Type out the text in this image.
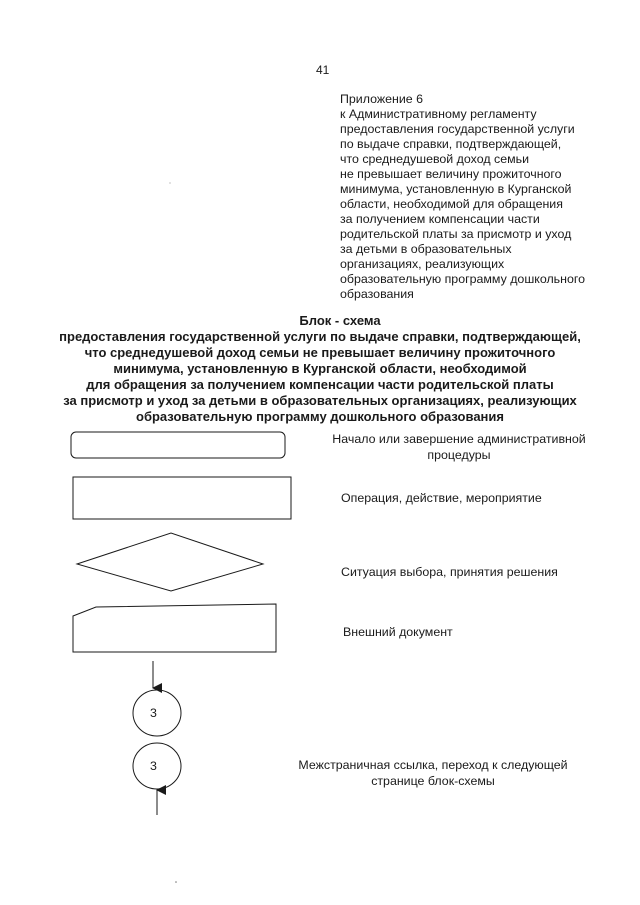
41
Приложение 6
к Административному регламенту
предоставления государственной услуги
по выдаче справки, подтверждающей,
что среднедушевой доход семьи
не превышает величину прожиточного
минимума, установленную в Курганской
области, необходимой для обращения
за получением компенсации части
родительской платы за присмотр и уход
за детьми в образовательных
организациях, реализующих
образовательную программу дошкольного
образования
Блок - схема
предоставления государственной услуги по выдаче справки, подтверждающей,
что среднедушевой доход семьи не превышает величину прожиточного
минимума, установленную в Курганской области, необходимой
для обращения за получением компенсации части родительской платы
за присмотр и уход за детьми в образовательных организациях, реализующих
образовательную программу дошкольного образования
3
3
Начало или завершение административной
процедуры
Операция, действие, мероприятие
Ситуация выбора, принятия решения
Внешний документ
Межстраничная ссылка, переход к следующей
странице блок-схемы
